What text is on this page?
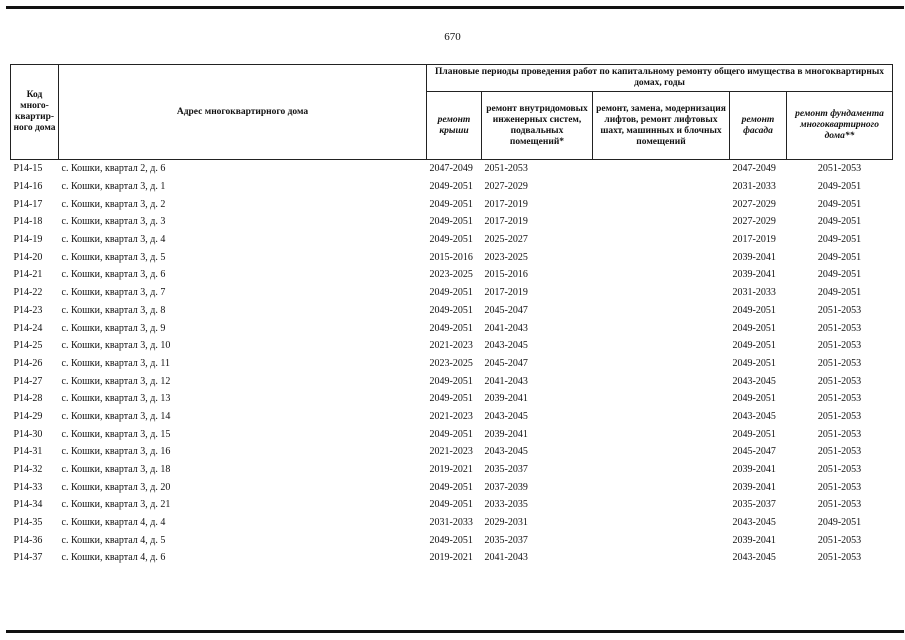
670
Код много-квартир-ного дома	Адрес многоквартирного дома	Плановые периоды проведения работ по капитальному ремонту общего имущества в многоквартирных домах, годы				
		ремонт крыши	ремонт внутридомовых инженерных систем, подвальных помещений*	ремонт, замена, модернизация лифтов, ремонт лифтовых шахт, машинных и блочных помещений	ремонт фасада	ремонт фундамента многоквартирного дома**
Р14-15	с. Кошки, квартал 2, д. 6	2047-2049	2051-2053		2047-2049	2051-2053
Р14-16	с. Кошки, квартал 3, д. 1	2049-2051	2027-2029		2031-2033	2049-2051
Р14-17	с. Кошки, квартал 3, д. 2	2049-2051	2017-2019		2027-2029	2049-2051
Р14-18	с. Кошки, квартал 3, д. 3	2049-2051	2017-2019		2027-2029	2049-2051
Р14-19	с. Кошки, квартал 3, д. 4	2049-2051	2025-2027		2017-2019	2049-2051
Р14-20	с. Кошки, квартал 3, д. 5	2015-2016	2023-2025		2039-2041	2049-2051
Р14-21	с. Кошки, квартал 3, д. 6	2023-2025	2015-2016		2039-2041	2049-2051
Р14-22	с. Кошки, квартал 3, д. 7	2049-2051	2017-2019		2031-2033	2049-2051
Р14-23	с. Кошки, квартал 3, д. 8	2049-2051	2045-2047		2049-2051	2051-2053
Р14-24	с. Кошки, квартал 3, д. 9	2049-2051	2041-2043		2049-2051	2051-2053
Р14-25	с. Кошки, квартал 3, д. 10	2021-2023	2043-2045		2049-2051	2051-2053
Р14-26	с. Кошки, квартал 3, д. 11	2023-2025	2045-2047		2049-2051	2051-2053
Р14-27	с. Кошки, квартал 3, д. 12	2049-2051	2041-2043		2043-2045	2051-2053
Р14-28	с. Кошки, квартал 3, д. 13	2049-2051	2039-2041		2049-2051	2051-2053
Р14-29	с. Кошки, квартал 3, д. 14	2021-2023	2043-2045		2043-2045	2051-2053
Р14-30	с. Кошки, квартал 3, д. 15	2049-2051	2039-2041		2049-2051	2051-2053
Р14-31	с. Кошки, квартал 3, д. 16	2021-2023	2043-2045		2045-2047	2051-2053
Р14-32	с. Кошки, квартал 3, д. 18	2019-2021	2035-2037		2039-2041	2051-2053
Р14-33	с. Кошки, квартал 3, д. 20	2049-2051	2037-2039		2039-2041	2051-2053
Р14-34	с. Кошки, квартал 3, д. 21	2049-2051	2033-2035		2035-2037	2051-2053
Р14-35	с. Кошки, квартал 4, д. 4	2031-2033	2029-2031		2043-2045	2049-2051
Р14-36	с. Кошки, квартал 4, д. 5	2049-2051	2035-2037		2039-2041	2051-2053
Р14-37	с. Кошки, квартал 4, д. 6	2019-2021	2041-2043		2043-2045	2051-2053
